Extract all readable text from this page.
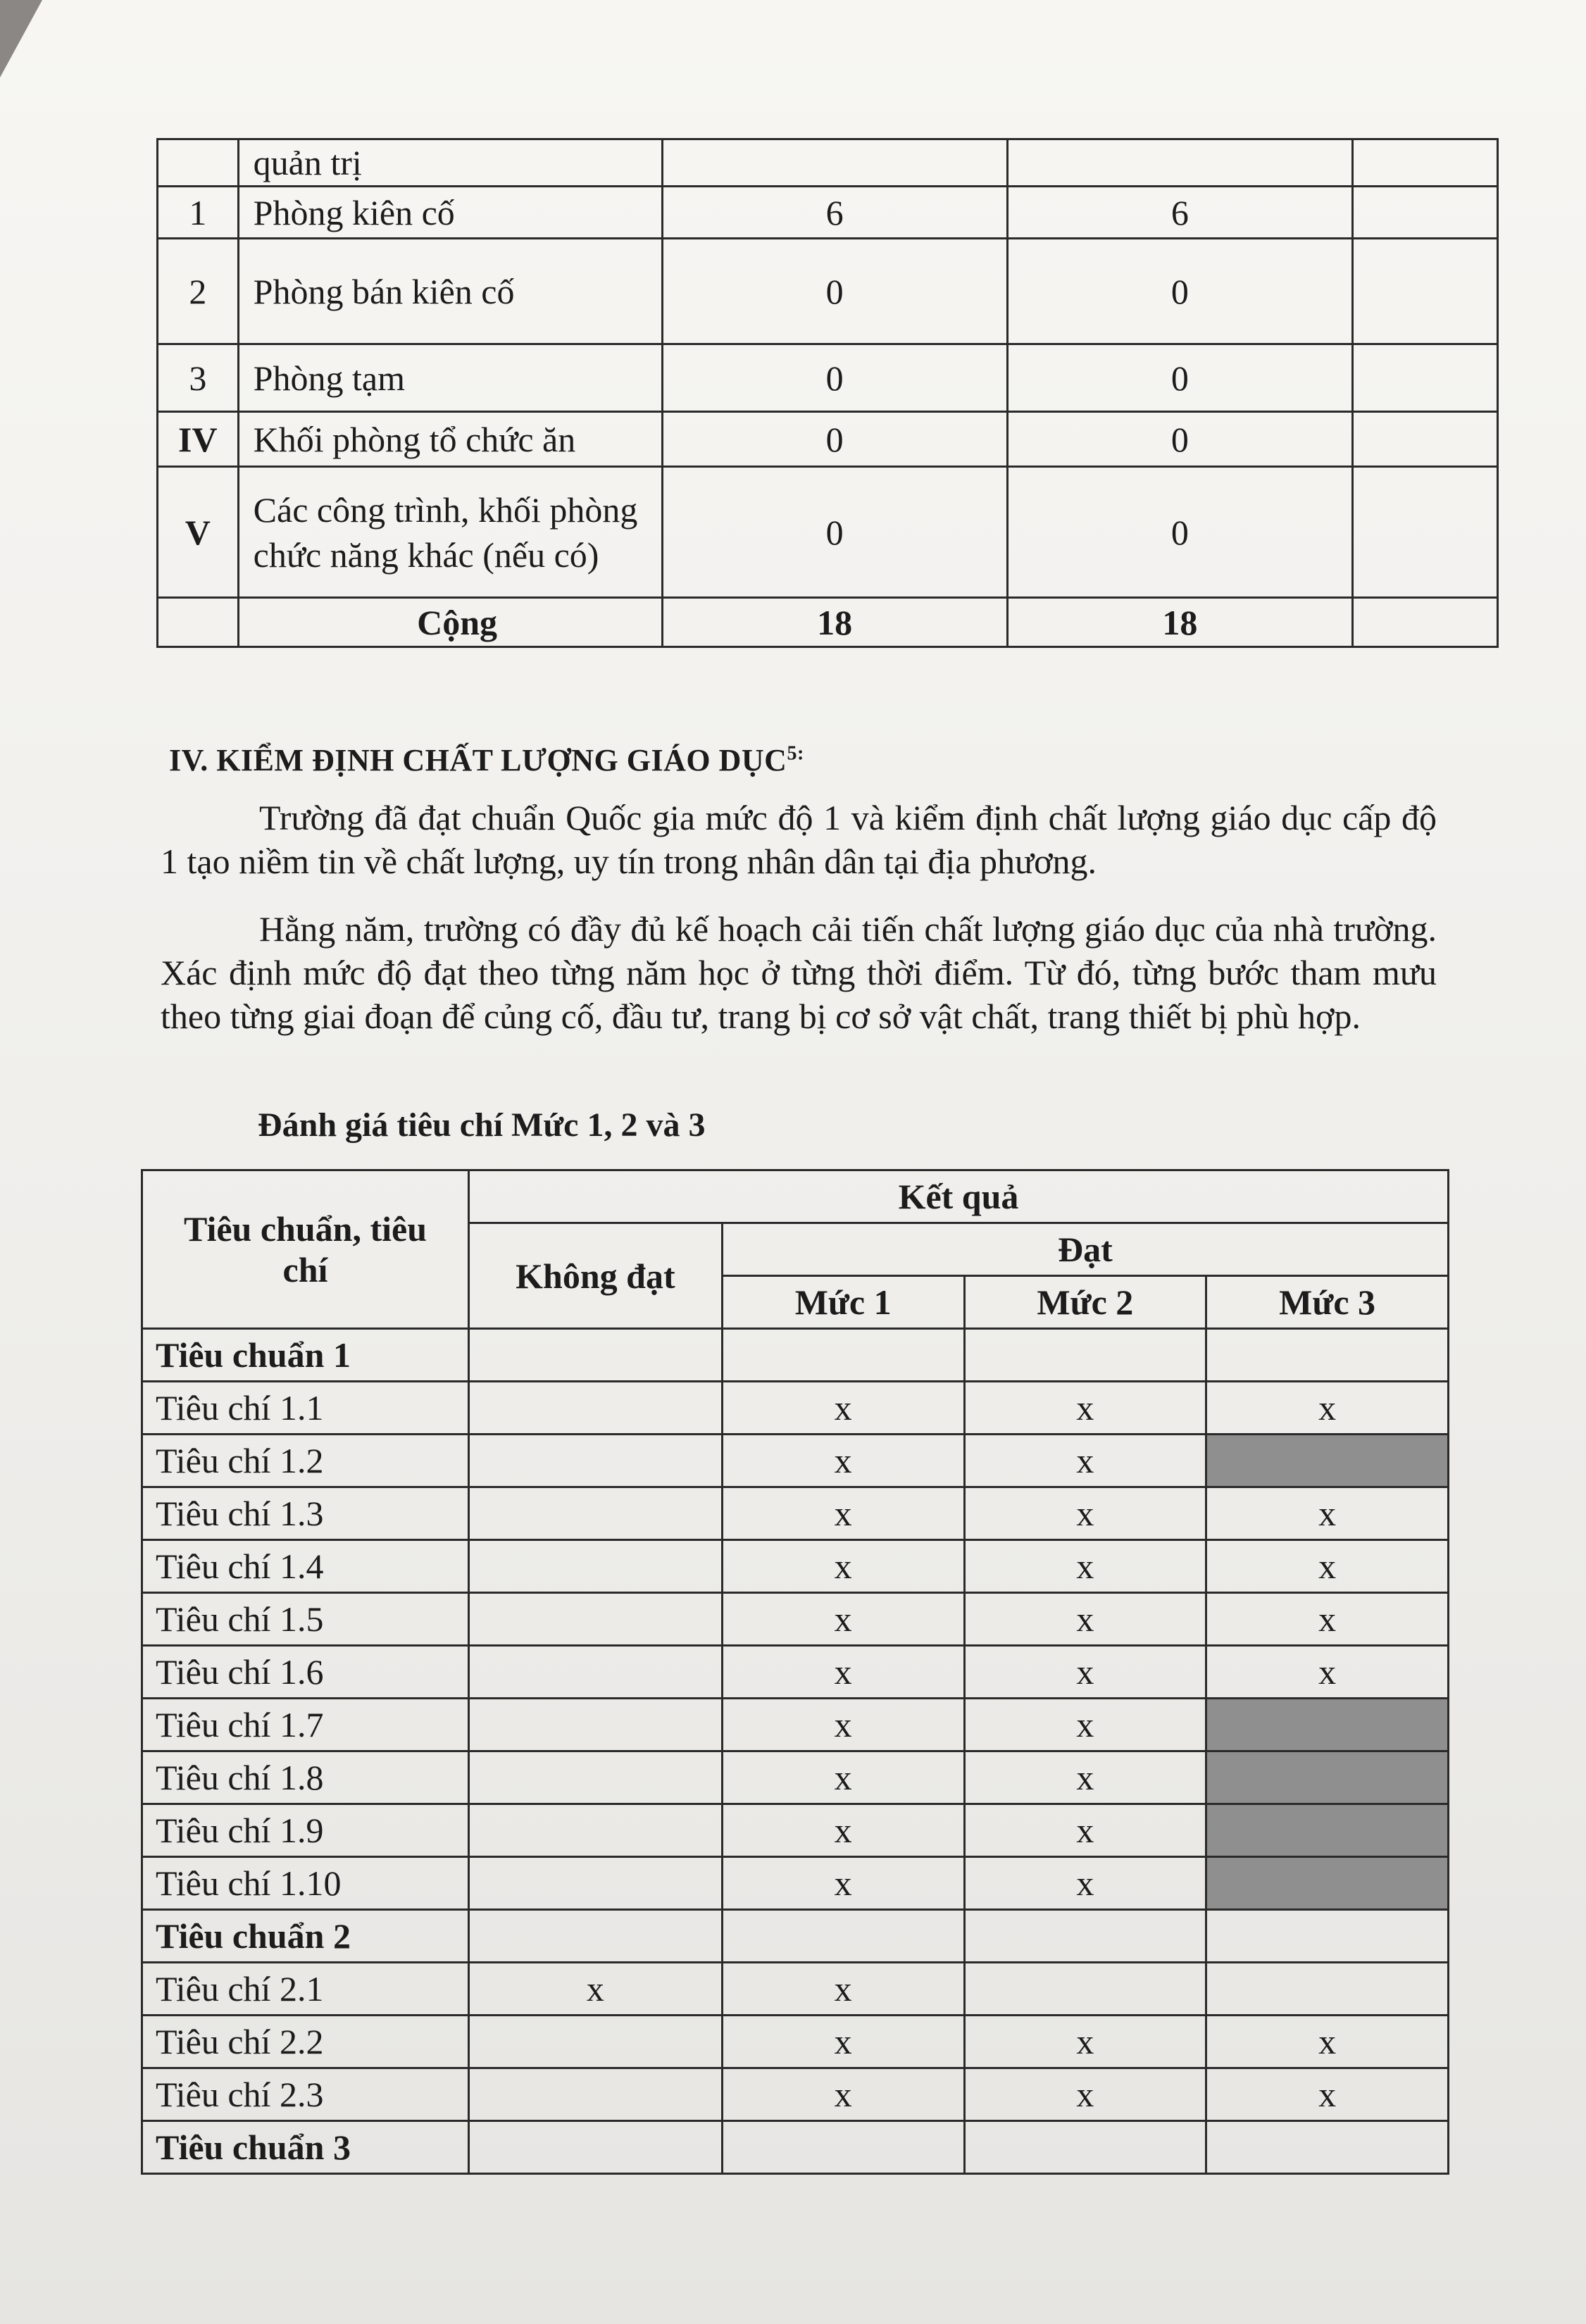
	quản trị			
1	Phòng kiên cố	6	6	
2	Phòng bán kiên cố	0	0	
3	Phòng tạm	0	0	
IV	Khối phòng tổ chức ăn	0	0	
V	Các công trình, khối phòng chức năng khác (nếu có)	0	0	
	Cộng	18	18	
IV. KIỂM ĐỊNH CHẤT LƯỢNG GIÁO DỤC$^{5:}$

Trường đã đạt chuẩn Quốc gia mức độ 1 và kiểm định chất lượng giáo dục cấp độ 1 tạo niềm tin về chất lượng, uy tín trong nhân dân tại địa phương.

Hằng năm, trường có đầy đủ kế hoạch cải tiến chất lượng giáo dục của nhà trường. Xác định mức độ đạt theo từng năm học ở từng thời điểm. Từ đó, từng bước tham mưu theo từng giai đoạn để củng cố, đầu tư, trang bị cơ sở vật chất, trang thiết bị phù hợp.

Đánh giá tiêu chí Mức 1, 2 và 3
Tiêu chuẩn, tiêu chí	Kết quả			
	Không đạt	Đạt		
		Mức 1	Mức 2	Mức 3
Tiêu chuẩn 1				
Tiêu chí 1.1		x	x	x
Tiêu chí 1.2		x	x	
Tiêu chí 1.3		x	x	x
Tiêu chí 1.4		x	x	x
Tiêu chí 1.5		x	x	x
Tiêu chí 1.6		x	x	x
Tiêu chí 1.7		x	x	
Tiêu chí 1.8		x	x	
Tiêu chí 1.9		x	x	
Tiêu chí 1.10		x	x	
Tiêu chuẩn 2				
Tiêu chí 2.1	x	x		
Tiêu chí 2.2		x	x	x
Tiêu chí 2.3		x	x	x
Tiêu chuẩn 3				
